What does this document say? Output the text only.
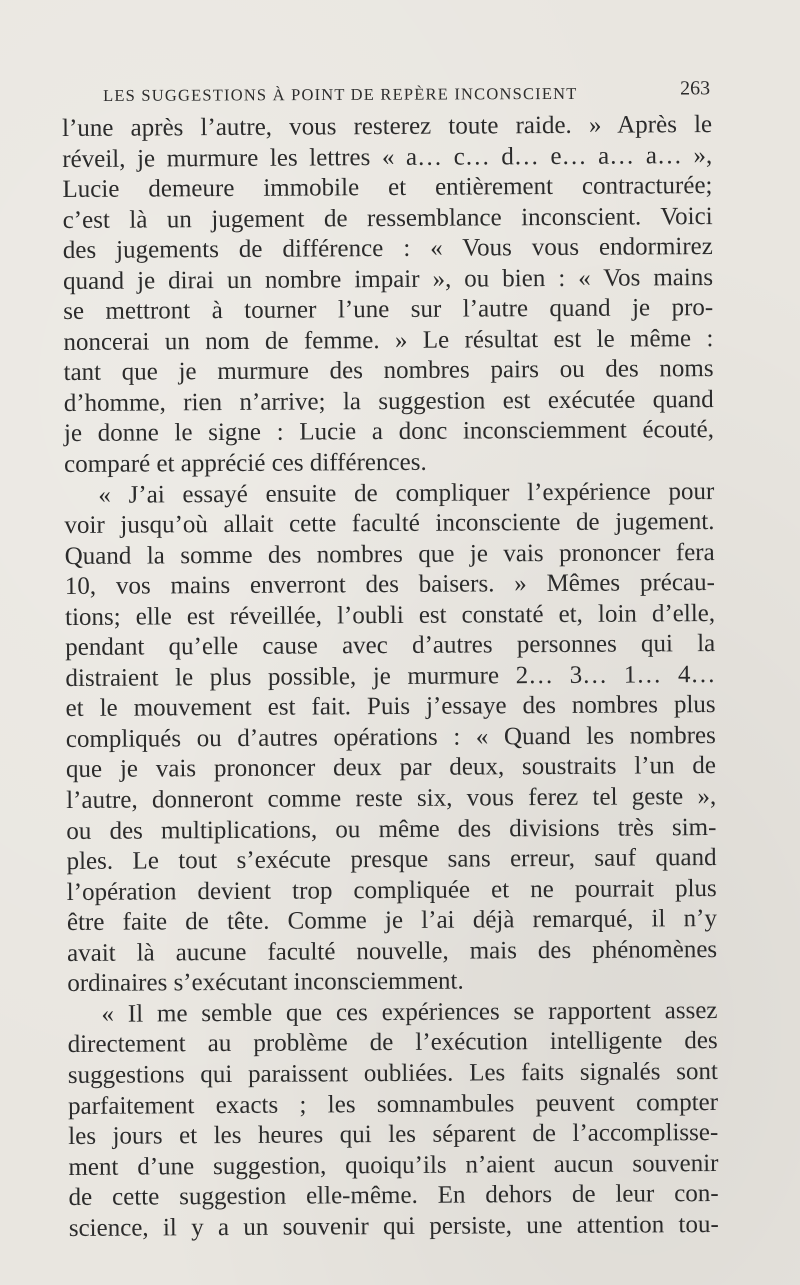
LES SUGGESTIONS À POINT DE REPÈRE INCONSCIENT	263
l’une après l’autre, vous resterez toute raide. » Après le
réveil, je murmure les lettres « a… c… d… e… a… a… »,
Lucie demeure immobile et entièrement contracturée;
c’est là un jugement de ressemblance inconscient. Voici
des jugements de différence : « Vous vous endormirez
quand je dirai un nombre impair », ou bien : « Vos mains
se mettront à tourner l’une sur l’autre quand je pro-
noncerai un nom de femme. » Le résultat est le même :
tant que je murmure des nombres pairs ou des noms
d’homme, rien n’arrive; la suggestion est exécutée quand
je donne le signe : Lucie a donc inconsciemment écouté,
comparé et apprécié ces différences.
« J’ai essayé ensuite de compliquer l’expérience pour
voir jusqu’où allait cette faculté inconsciente de jugement.
Quand la somme des nombres que je vais prononcer fera
10, vos mains enverront des baisers. » Mêmes précau-
tions; elle est réveillée, l’oubli est constaté et, loin d’elle,
pendant qu’elle cause avec d’autres personnes qui la
distraient le plus possible, je murmure 2… 3… 1… 4…
et le mouvement est fait. Puis j’essaye des nombres plus
compliqués ou d’autres opérations : « Quand les nombres
que je vais prononcer deux par deux, soustraits l’un de
l’autre, donneront comme reste six, vous ferez tel geste »,
ou des multiplications, ou même des divisions très sim-
ples. Le tout s’exécute presque sans erreur, sauf quand
l’opération devient trop compliquée et ne pourrait plus
être faite de tête. Comme je l’ai déjà remarqué, il n’y
avait là aucune faculté nouvelle, mais des phénomènes
ordinaires s’exécutant inconsciemment.
« Il me semble que ces expériences se rapportent assez
directement au problème de l’exécution intelligente des
suggestions qui paraissent oubliées. Les faits signalés sont
parfaitement exacts ; les somnambules peuvent compter
les jours et les heures qui les séparent de l’accomplisse-
ment d’une suggestion, quoiqu’ils n’aient aucun souvenir
de cette suggestion elle-même. En dehors de leur con-
science, il y a un souvenir qui persiste, une attention tou-
